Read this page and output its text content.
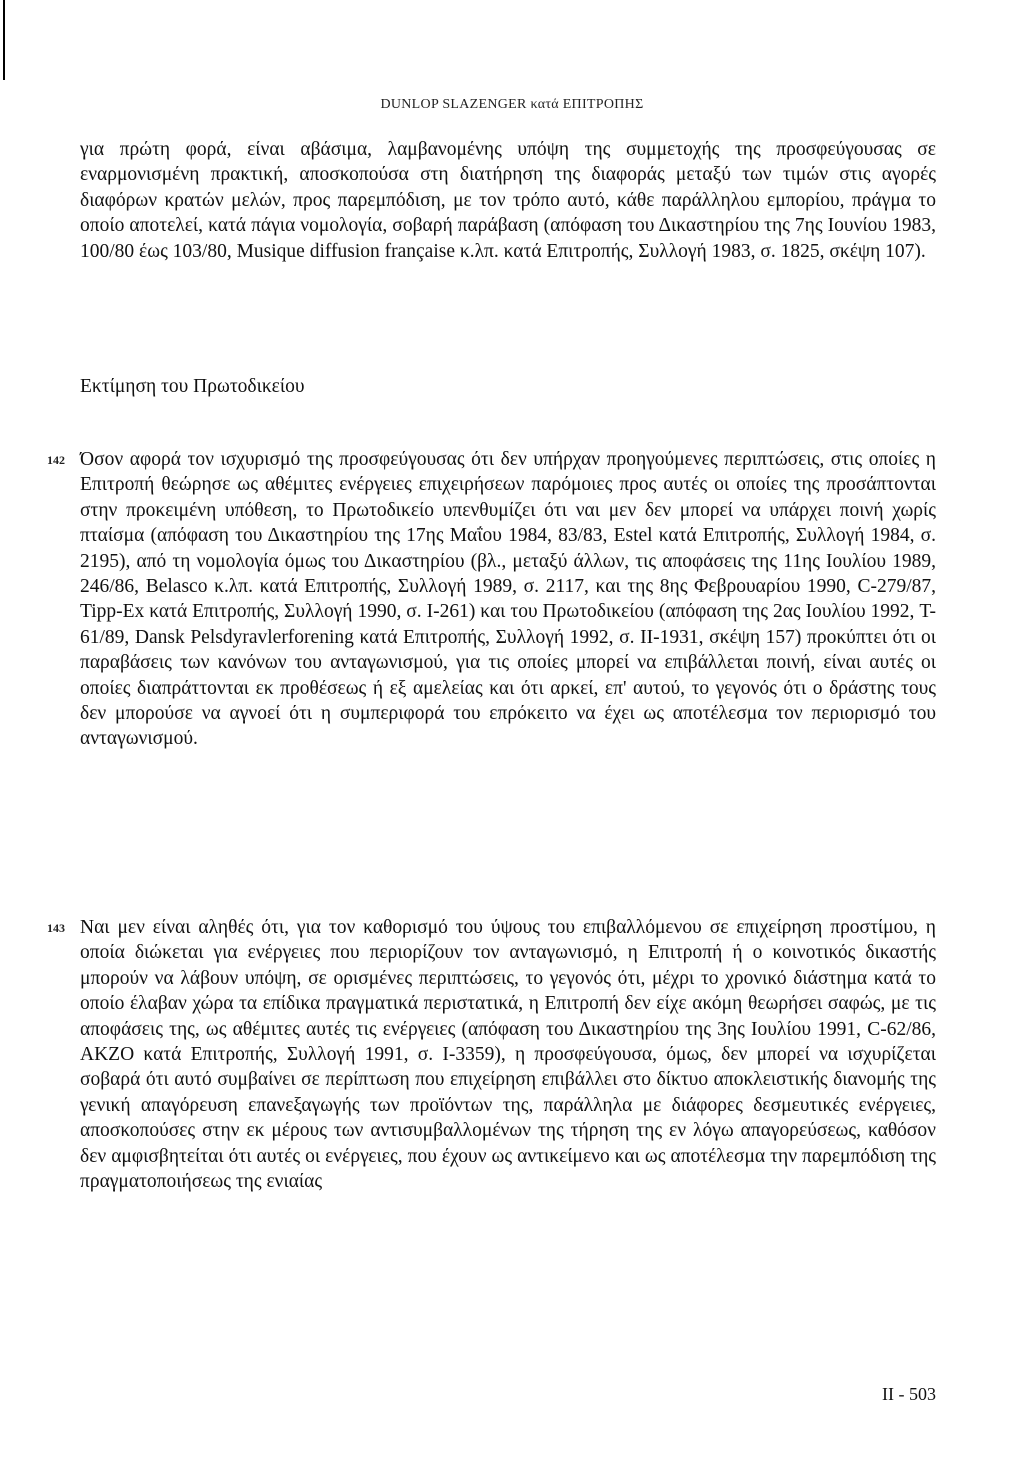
DUNLOP SLAZENGER κατά ΕΠΙΤΡΟΠΗΣ

για πρώτη φορά, είναι αβάσιμα, λαμβανομένης υπόψη της συμμετοχής της προσφεύγουσας σε εναρμονισμένη πρακτική, αποσκοπούσα στη διατήρηση της διαφοράς μεταξύ των τιμών στις αγορές διαφόρων κρατών μελών, προς παρεμπόδιση, με τον τρόπο αυτό, κάθε παράλληλου εμπορίου, πράγμα το οποίο αποτελεί, κατά πάγια νομολογία, σοβαρή παράβαση (απόφαση του Δικαστηρίου της 7ης Ιουνίου 1983, 100/80 έως 103/80, Musique diffusion française κ.λπ. κατά Επιτροπής, Συλλογή 1983, σ. 1825, σκέψη 107).

Εκτίμηση του Πρωτοδικείου
142 Όσον αφορά τον ισχυρισμό της προσφεύγουσας ότι δεν υπήρχαν προηγούμενες περιπτώσεις, στις οποίες η Επιτροπή θεώρησε ως αθέμιτες ενέργειες επιχειρήσεων παρόμοιες προς αυτές οι οποίες της προσάπτονται στην προκειμένη υπόθεση, το Πρωτοδικείο υπενθυμίζει ότι ναι μεν δεν μπορεί να υπάρχει ποινή χωρίς πταίσμα (απόφαση του Δικαστηρίου της 17ης Μαΐου 1984, 83/83, Estel κατά Επιτροπής, Συλλογή 1984, σ. 2195), από τη νομολογία όμως του Δικαστηρίου (βλ., μεταξύ άλλων, τις αποφάσεις της 11ης Ιουλίου 1989, 246/86, Belasco κ.λπ. κατά Επιτροπής, Συλλογή 1989, σ. 2117, και της 8ης Φεβρουαρίου 1990, C-279/87, Tipp-Ex κατά Επιτροπής, Συλλογή 1990, σ. I-261) και του Πρωτοδικείου (απόφαση της 2ας Ιουλίου 1992, T-61/89, Dansk Pelsdyravlerforening κατά Επιτροπής, Συλλογή 1992, σ. II-1931, σκέψη 157) προκύπτει ότι οι παραβάσεις των κανόνων του ανταγωνισμού, για τις οποίες μπορεί να επιβάλλεται ποινή, είναι αυτές οι οποίες διαπράττονται εκ προθέσεως ή εξ αμελείας και ότι αρκεί, επ' αυτού, το γεγονός ότι ο δράστης τους δεν μπορούσε να αγνοεί ότι η συμπεριφορά του επρόκειτο να έχει ως αποτέλεσμα τον περιορισμό του ανταγωνισμού.

143 Ναι μεν είναι αληθές ότι, για τον καθορισμό του ύψους του επιβαλλόμενου σε επιχείρηση προστίμου, η οποία διώκεται για ενέργειες που περιορίζουν τον ανταγωνισμό, η Επιτροπή ή ο κοινοτικός δικαστής μπορούν να λάβουν υπόψη, σε ορισμένες περιπτώσεις, το γεγονός ότι, μέχρι το χρονικό διάστημα κατά το οποίο έλαβαν χώρα τα επίδικα πραγματικά περιστατικά, η Επιτροπή δεν είχε ακόμη θεωρήσει σαφώς, με τις αποφάσεις της, ως αθέμιτες αυτές τις ενέργειες (απόφαση του Δικαστηρίου της 3ης Ιουλίου 1991, C-62/86, AKZO κατά Επιτροπής, Συλλογή 1991, σ. I-3359), η προσφεύγουσα, όμως, δεν μπορεί να ισχυρίζεται σοβαρά ότι αυτό συμβαίνει σε περίπτωση που επιχείρηση επιβάλλει στο δίκτυο αποκλειστικής διανομής της γενική απαγόρευση επανεξαγωγής των προϊόντων της, παράλληλα με διάφορες δεσμευτικές ενέργειες, αποσκοπούσες στην εκ μέρους των αντισυμβαλλομένων της τήρηση της εν λόγω απαγορεύσεως, καθόσον δεν αμφισβητείται ότι αυτές οι ενέργειες, που έχουν ως αντικείμενο και ως αποτέλεσμα την παρεμπόδιση της πραγματοποιήσεως της ενιαίας

II - 503
